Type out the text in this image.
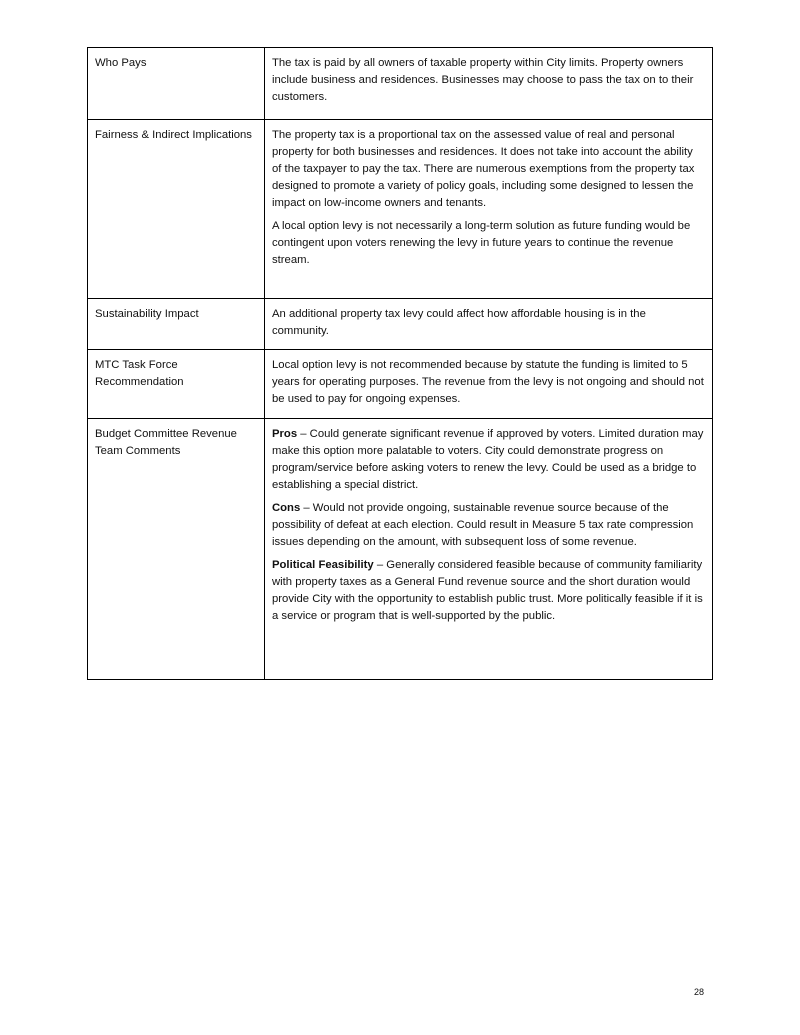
Who Pays	The tax is paid by all owners of taxable property within City limits. Property owners include business and residences. Businesses may choose to pass the tax on to their customers.

Fairness & Indirect Implications	The property tax is a proportional tax on the assessed value of real and personal property for both businesses and residences. It does not take into account the ability of the taxpayer to pay the tax. There are numerous exemptions from the property tax designed to promote a variety of policy goals, including some designed to lessen the impact on low-income owners and tenants.

A local option levy is not necessarily a long-term solution as future funding would be contingent upon voters renewing the levy in future years to continue the revenue stream.

Sustainability Impact	An additional property tax levy could affect how affordable housing is in the community.

MTC Task Force Recommendation	Local option levy is not recommended because by statute the funding is limited to 5 years for operating purposes. The revenue from the levy is not ongoing and should not be used to pay for ongoing expenses.

Budget Committee Revenue Team Comments	Pros – Could generate significant revenue if approved by voters. Limited duration may make this option more palatable to voters. City could demonstrate progress on program/service before asking voters to renew the levy. Could be used as a bridge to establishing a special district.

Cons – Would not provide ongoing, sustainable revenue source because of the possibility of defeat at each election. Could result in Measure 5 tax rate compression issues depending on the amount, with subsequent loss of some revenue.

Political Feasibility – Generally considered feasible because of community familiarity with property taxes as a General Fund revenue source and the short duration would provide City with the opportunity to establish public trust. More politically feasible if it is a service or program that is well-supported by the public.

28
